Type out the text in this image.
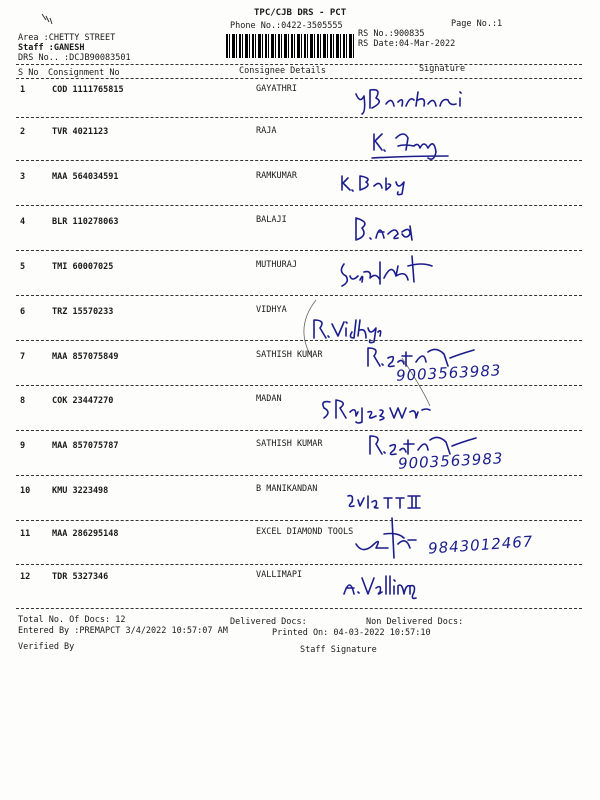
TPC/CJB DRS - PCT
Phone No.:0422-3505555	Page No.:1
RS No.:900835
RS Date:04-Mar-2022
Area :CHETTY STREET
Staff :GANESH
DRS No.. :DCJB90083501
S No Consignment No	Consignee Details	Signature
1	COD 1111765815	GAYATHRI
2	TVR 4021123	RAJA
3	MAA 564034591	RAMKUMAR
4	BLR 110278063	BALAJI
5	TMI 60007025	MUTHURAJ
6	TRZ 15570233	VIDHYA
7	MAA 857075849	SATHISH KUMAR
9003563983
8	COK 23447270	MADAN
9	MAA 857075787	SATHISH KUMAR
9003563983
10	KMU 3223498	B MANIKANDAN
11	MAA 286295148	EXCEL DIAMOND TOOLS
9843012467
12	TDR 5327346	VALLIMAPI
Total No. Of Docs: 12	Delivered Docs:	Non Delivered Docs:
Entered By :PREMAPCT 3/4/2022 10:57:07 AM	Printed On: 04-03-2022 10:57:10
Verified By	Staff Signature
